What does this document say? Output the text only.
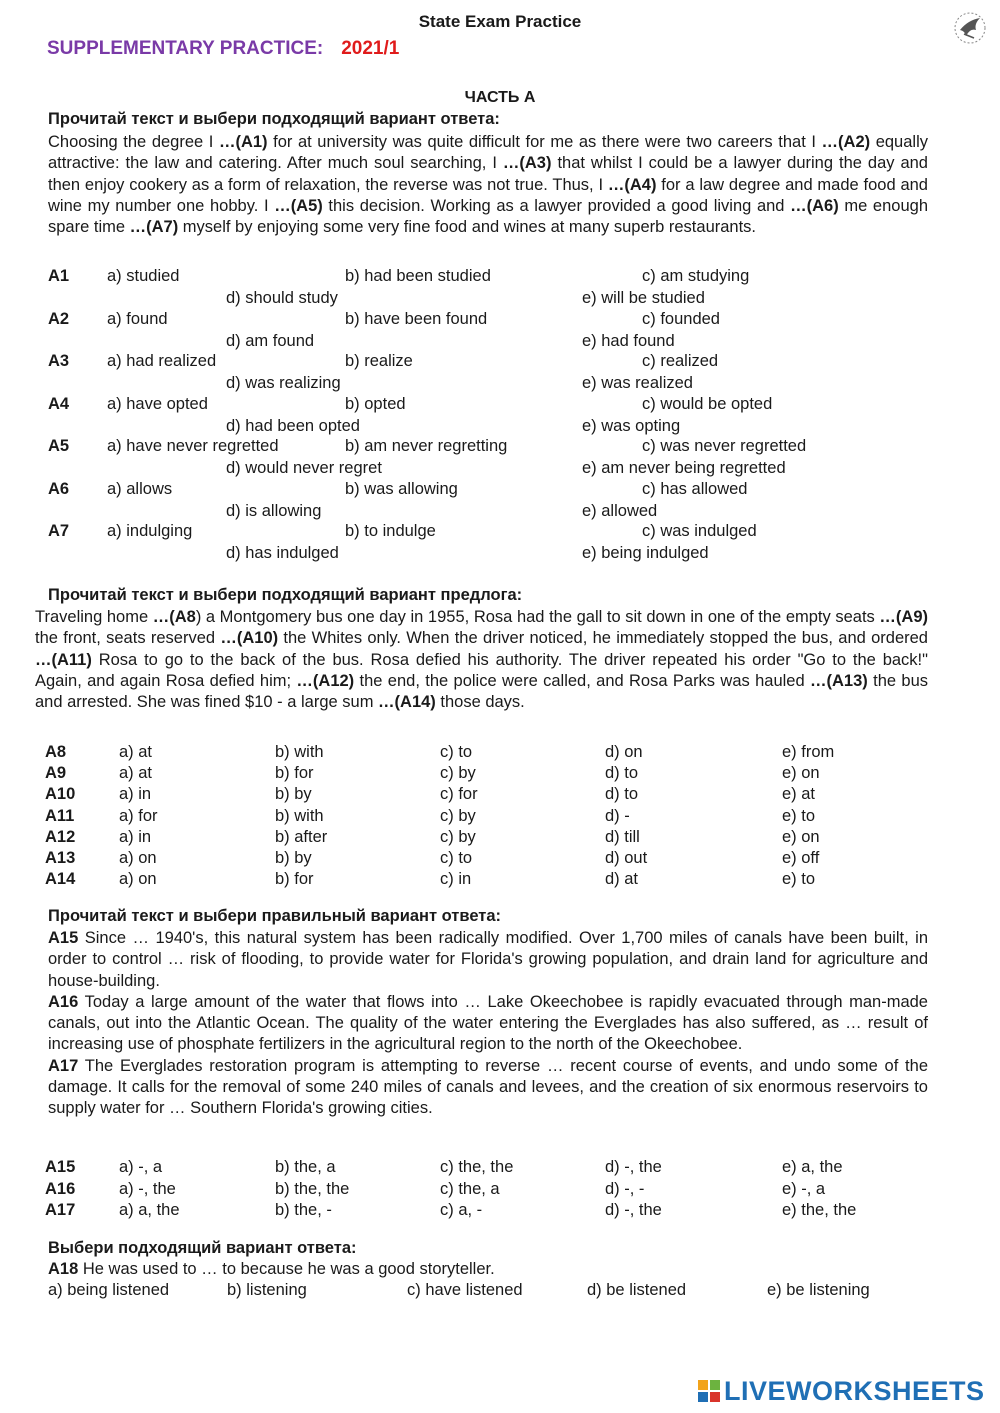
State Exam Practice
SUPPLEMENTARY PRACTICE: 2021/1
ЧАСТЬ А
Прочитай текст и выбери подходящий вариант ответа:
Choosing the degree I …(A1) for at university was quite difficult for me as there were two careers that I …(A2) equally attractive: the law and catering. After much soul searching, I …(A3) that whilst I could be a lawyer during the day and then enjoy cookery as a form of relaxation, the reverse was not true. Thus, I …(A4) for a law degree and made food and wine my number one hobby. I …(A5) this decision. Working as a lawyer provided a good living and …(A6) me enough spare time …(A7) myself by enjoying some very fine food and wines at many superb restaurants.
A1 a) studied	b) had been studied	c) am studying
d) should study	e) will be studied
A2 a) found	b) have been found	c) founded
d) am found	e) had found
A3 a) had realized	b) realize	c) realized
d) was realizing	e) was realized
A4 a) have opted	b) opted	c) would be opted
d) had been opted	e) was opting
A5 a) have never regretted	b) am never regretting	c) was never regretted
d) would never regret	e) am never being regretted
A6 a) allows	b) was allowing	c) has allowed
d) is allowing	e) allowed
A7 a) indulging	b) to indulge	c) was indulged
d) has indulged	e) being indulged
Прочитай текст и выбери подходящий вариант предлога:
Traveling home …(A8) a Montgomery bus one day in 1955, Rosa had the gall to sit down in one of the empty seats …(A9) the front, seats reserved …(A10) the Whites only. When the driver noticed, he immediately stopped the bus, and ordered …(A11) Rosa to go to the back of the bus. Rosa defied his authority. The driver repeated his order "Go to the back!" Again, and again Rosa defied him; …(A12) the end, the police were called, and Rosa Parks was hauled …(A13) the bus and arrested. She was fined $10 - a large sum …(A14) those days.
A8	a) at	b) with	c) to	d) on	e) from
A9	a) at	b) for	c) by	d) to	e) on
A10	a) in	b) by	c) for	d) to	e) at
A11	a) for	b) with	c) by	d) -	e) to
A12	a) in	b) after	c) by	d) till	e) on
A13	a) on	b) by	c) to	d) out	e) off
A14	a) on	b) for	c) in	d) at	e) to
Прочитай текст и выбери правильный вариант ответа:
A15 Since … 1940's, this natural system has been radically modified. Over 1,700 miles of canals have been built, in order to control … risk of flooding, to provide water for Florida's growing population, and drain land for agriculture and house-building.
A16 Today a large amount of the water that flows into … Lake Okeechobee is rapidly evacuated through man-made canals, out into the Atlantic Ocean. The quality of the water entering the Everglades has also suffered, as … result of increasing use of phosphate fertilizers in the agricultural region to the north of the Okeechobee.
A17 The Everglades restoration program is attempting to reverse … recent course of events, and undo some of the damage. It calls for the removal of some 240 miles of canals and levees, and the creation of six enormous reservoirs to supply water for … Southern Florida's growing cities.
A15	a) -, a	b) the, a	c) the, the	d) -, the	e) a, the
A16	a) -, the	b) the, the	c) the, a	d) -, -	e) -, a
A17	a) a, the	b) the, -	c) a, -	d) -, the	e) the, the
Выбери подходящий вариант ответа:
A18 He was used to … to because he was a good storyteller.
a) being listened	b) listening	c) have listened	d) be listened	e) be listening
LIVEWORKSHEETS
